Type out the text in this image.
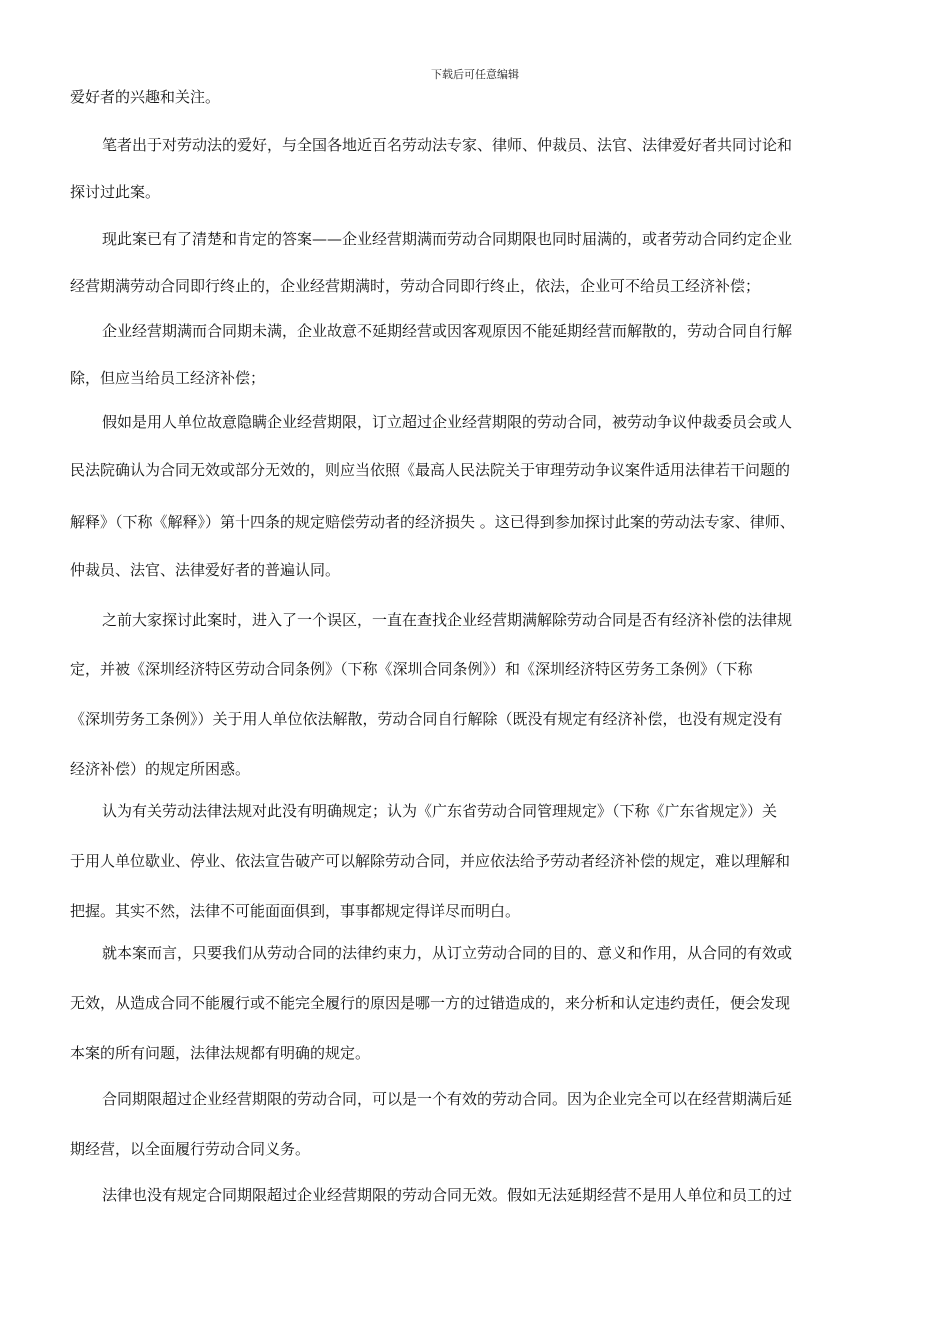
下载后可任意编辑
爱好者的兴趣和关注。
笔者出于对劳动法的爱好，与全国各地近百名劳动法专家、律师、仲裁员、法官、法律爱好者共同讨论和
探讨过此案。
现此案已有了清楚和肯定的答案——企业经营期满而劳动合同期限也同时届满的，或者劳动合同约定企业
经营期满劳动合同即行终止的，企业经营期满时，劳动合同即行终止，依法，企业可不给员工经济补偿；
企业经营期满而合同期未满，企业故意不延期经营或因客观原因不能延期经营而解散的，劳动合同自行解
除，但应当给员工经济补偿；
假如是用人单位故意隐瞒企业经营期限，订立超过企业经营期限的劳动合同，被劳动争议仲裁委员会或人
民法院确认为合同无效或部分无效的，则应当依照《最高人民法院关于审理劳动争议案件适用法律若干问题的
解释》（下称《解释》）第十四条的规定赔偿劳动者的经济损失 。这已得到参加探讨此案的劳动法专家、律师、
仲裁员、法官、法律爱好者的普遍认同。
之前大家探讨此案时，进入了一个误区，一直在查找企业经营期满解除劳动合同是否有经济补偿的法律规
定，并被《深圳经济特区劳动合同条例》（下称《深圳合同条例》）和《深圳经济特区劳务工条例》（下称
《深圳劳务工条例》）关于用人单位依法解散，劳动合同自行解除（既没有规定有经济补偿，也没有规定没有
经济补偿）的规定所困惑。
认为有关劳动法律法规对此没有明确规定；认为《广东省劳动合同管理规定》（下称《广东省规定》）关
于用人单位歇业、停业、依法宣告破产可以解除劳动合同，并应依法给予劳动者经济补偿的规定，难以理解和
把握。其实不然，法律不可能面面俱到，事事都规定得详尽而明白。
就本案而言，只要我们从劳动合同的法律约束力，从订立劳动合同的目的、意义和作用，从合同的有效或
无效，从造成合同不能履行或不能完全履行的原因是哪一方的过错造成的，来分析和认定违约责任，便会发现
本案的所有问题，法律法规都有明确的规定。
合同期限超过企业经营期限的劳动合同，可以是一个有效的劳动合同。因为企业完全可以在经营期满后延
期经营，以全面履行劳动合同义务。
法律也没有规定合同期限超过企业经营期限的劳动合同无效。假如无法延期经营不是用人单位和员工的过
